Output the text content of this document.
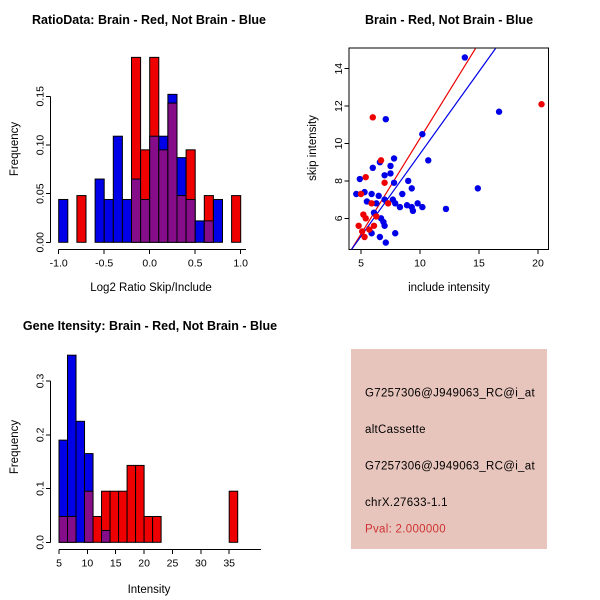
RatioData: Brain - Red, Not Brain - Blue
Log2 Ratio Skip/Include
Frequency
0.00
0.05
0.10
0.15
-1.0	-0.5	0.0	0.5	1.0
Brain - Red, Not Brain - Blue
include intensity
skip intensity
5	10	15	20
6
8
10
12
14
Gene Itensity: Brain - Red, Not Brain - Blue
Intensity
Frequency
0.0
0.1
0.2
0.3
5 10 15 20 25 30 35
G7257306@J949063_RC@i_at
altCassette
G7257306@J949063_RC@i_at
chrX.27633-1.1
Pval: 2.000000
